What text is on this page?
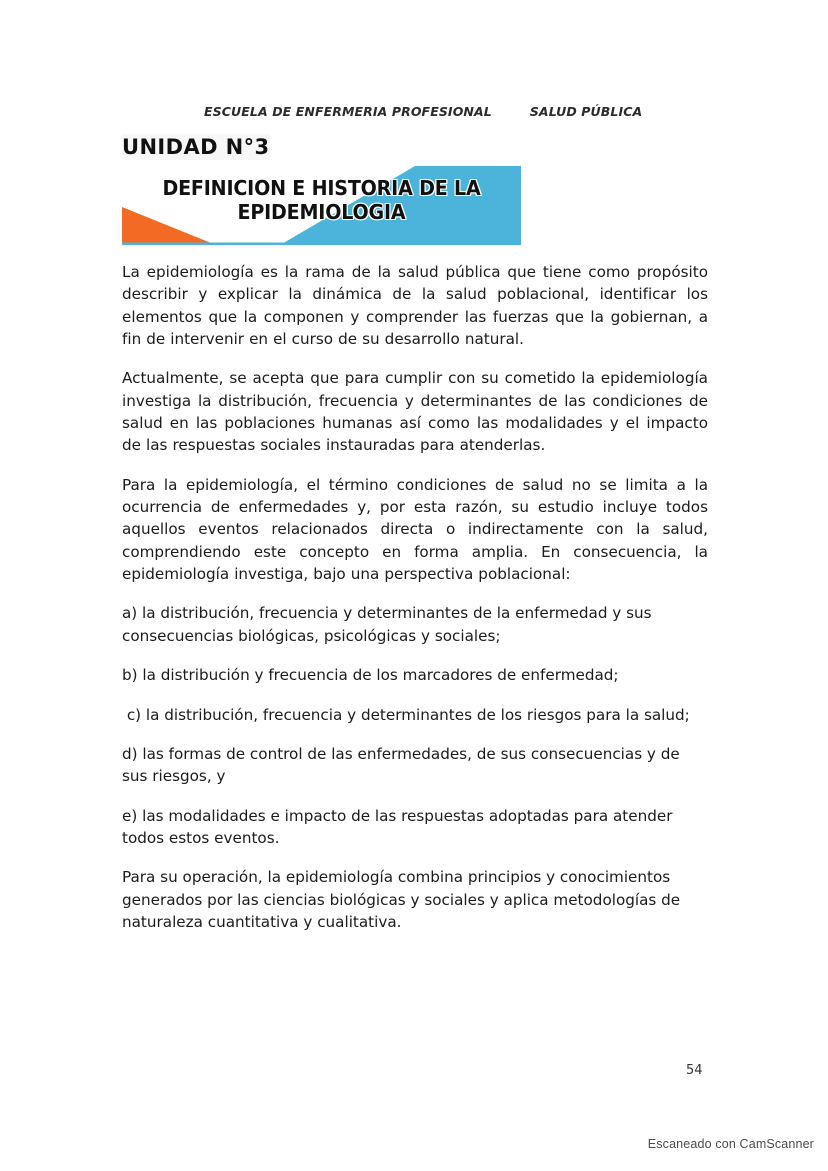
ESCUELA DE ENFERMERIA PROFESIONAL	SALUD PÚBLICA
UNIDAD N°3
DEFINICION E HISTORIA DE LA
EPIDEMIOLOGIA

La epidemiología es la rama de la salud pública que tiene como propósito describir y explicar la dinámica de la salud poblacional, identificar los elementos que la componen y comprender las fuerzas que la gobiernan, a fin de intervenir en el curso de su desarrollo natural.

Actualmente, se acepta que para cumplir con su cometido la epidemiología investiga la distribución, frecuencia y determinantes de las condiciones de salud en las poblaciones humanas así como las modalidades y el impacto de las respuestas sociales instauradas para atenderlas.

Para la epidemiología, el término condiciones de salud no se limita a la ocurrencia de enfermedades y, por esta razón, su estudio incluye todos aquellos eventos relacionados directa o indirectamente con la salud, comprendiendo este concepto en forma amplia. En consecuencia, la epidemiología investiga, bajo una perspectiva poblacional:

a) la distribución, frecuencia y determinantes de la enfermedad y sus consecuencias biológicas, psicológicas y sociales;

b) la distribución y frecuencia de los marcadores de enfermedad;

c) la distribución, frecuencia y determinantes de los riesgos para la salud;

d) las formas de control de las enfermedades, de sus consecuencias y de sus riesgos, y

e) las modalidades e impacto de las respuestas adoptadas para atender todos estos eventos.

Para su operación, la epidemiología combina principios y conocimientos generados por las ciencias biológicas y sociales y aplica metodologías de naturaleza cuantitativa y cualitativa.

54
Escaneado con CamScanner
